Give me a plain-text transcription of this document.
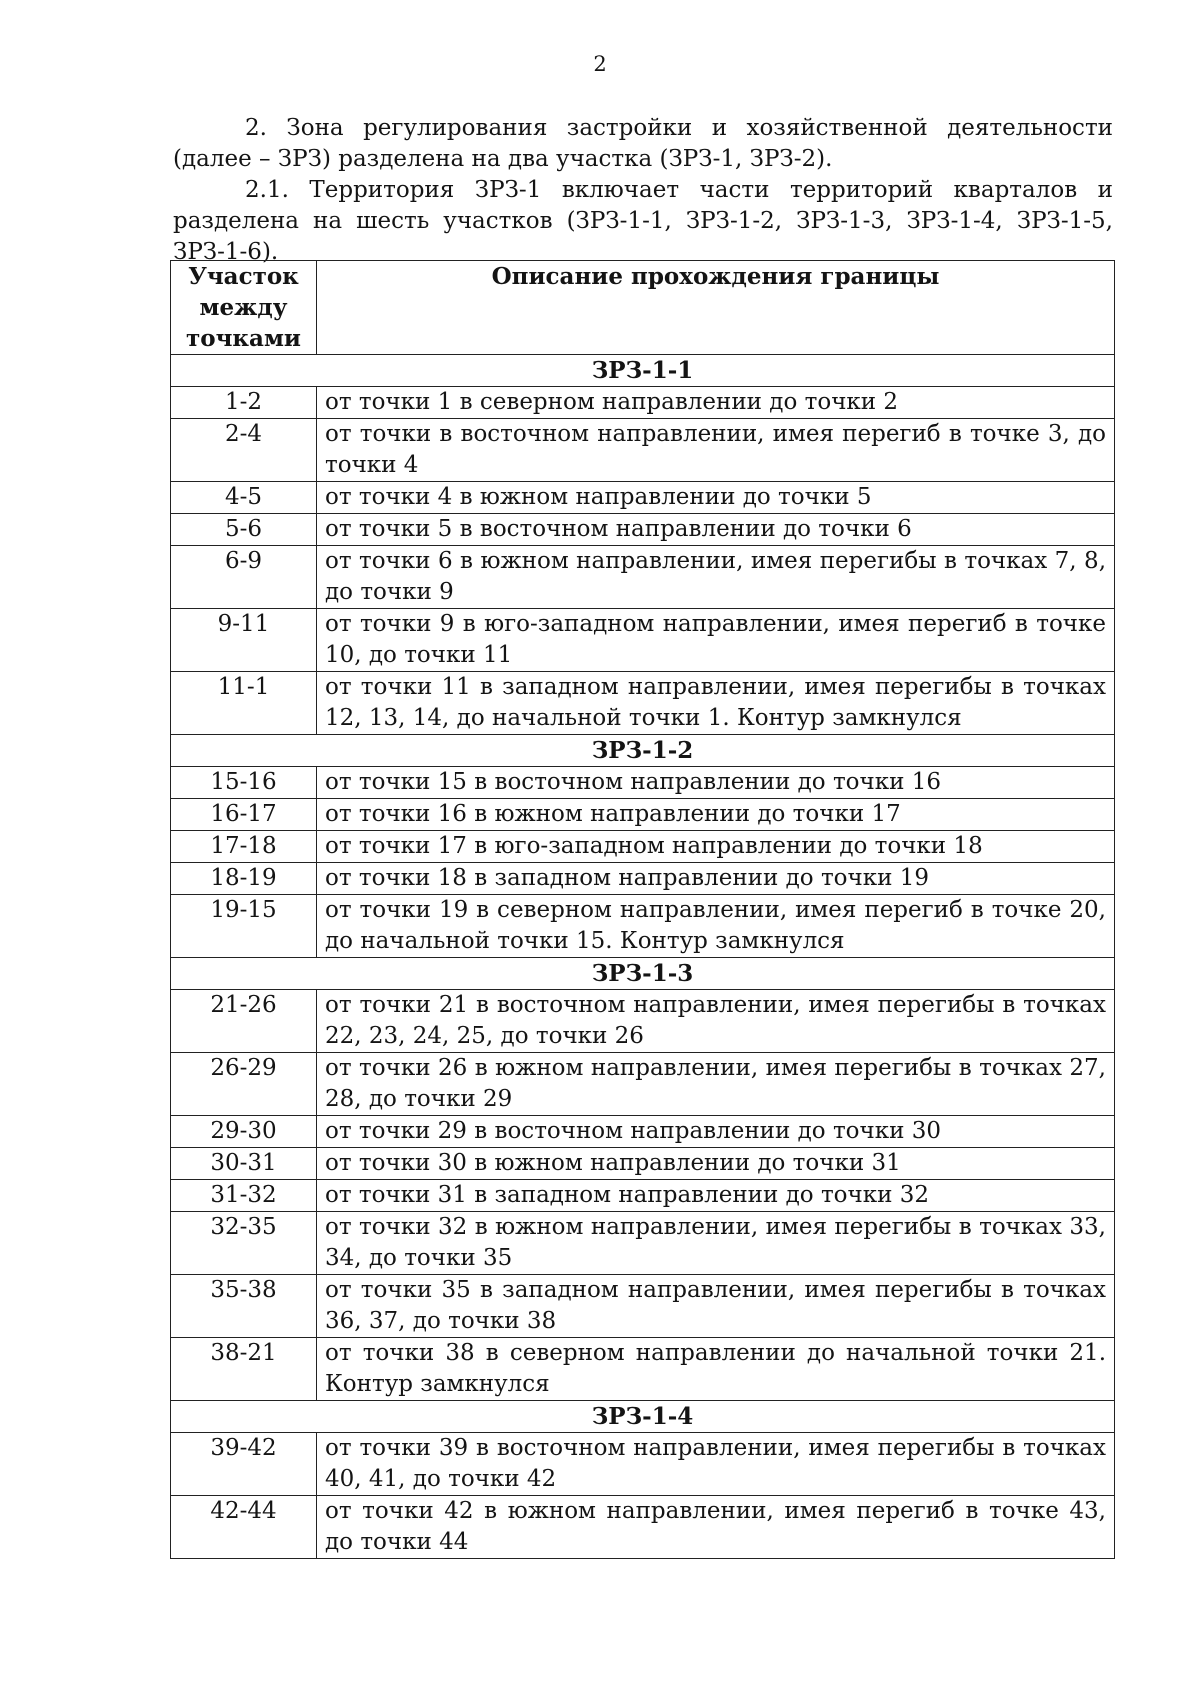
2

2. Зона регулирования застройки и хозяйственной деятельности (далее – ЗРЗ) разделена на два участка (ЗРЗ-1, ЗРЗ-2).

2.1. Территория ЗРЗ-1 включает части территорий кварталов и разделена на шесть участков (ЗРЗ-1-1, ЗРЗ-1-2, ЗРЗ-1-3, ЗРЗ-1-4, ЗРЗ-1-5, ЗРЗ-1-6).

Участок между точками	Описание прохождения границы
ЗРЗ-1-1	
1-2	от точки 1 в северном направлении до точки 2
2-4	от точки в восточном направлении, имея перегиб в точке 3, до точки 4
4-5	от точки 4 в южном направлении до точки 5
5-6	от точки 5 в восточном направлении до точки 6
6-9	от точки 6 в южном направлении, имея перегибы в точках 7, 8, до точки 9
9-11	от точки 9 в юго-западном направлении, имея перегиб в точке 10, до точки 11
11-1	от точки 11 в западном направлении, имея перегибы в точках 12, 13, 14, до начальной точки 1. Контур замкнулся
ЗРЗ-1-2	
15-16	от точки 15 в восточном направлении до точки 16
16-17	от точки 16 в южном направлении до точки 17
17-18	от точки 17 в юго-западном направлении до точки 18
18-19	от точки 18 в западном направлении до точки 19
19-15	от точки 19 в северном направлении, имея перегиб в точке 20, до начальной точки 15. Контур замкнулся
ЗРЗ-1-3	
21-26	от точки 21 в восточном направлении, имея перегибы в точках 22, 23, 24, 25, до точки 26
26-29	от точки 26 в южном направлении, имея перегибы в точках 27, 28, до точки 29
29-30	от точки 29 в восточном направлении до точки 30
30-31	от точки 30 в южном направлении до точки 31
31-32	от точки 31 в западном направлении до точки 32
32-35	от точки 32 в южном направлении, имея перегибы в точках 33, 34, до точки 35
35-38	от точки 35 в западном направлении, имея перегибы в точках 36, 37, до точки 38
38-21	от точки 38 в северном направлении до начальной точки 21. Контур замкнулся
ЗРЗ-1-4	
39-42	от точки 39 в восточном направлении, имея перегибы в точках 40, 41, до точки 42
42-44	от точки 42 в южном направлении, имея перегиб в точке 43, до точки 44
